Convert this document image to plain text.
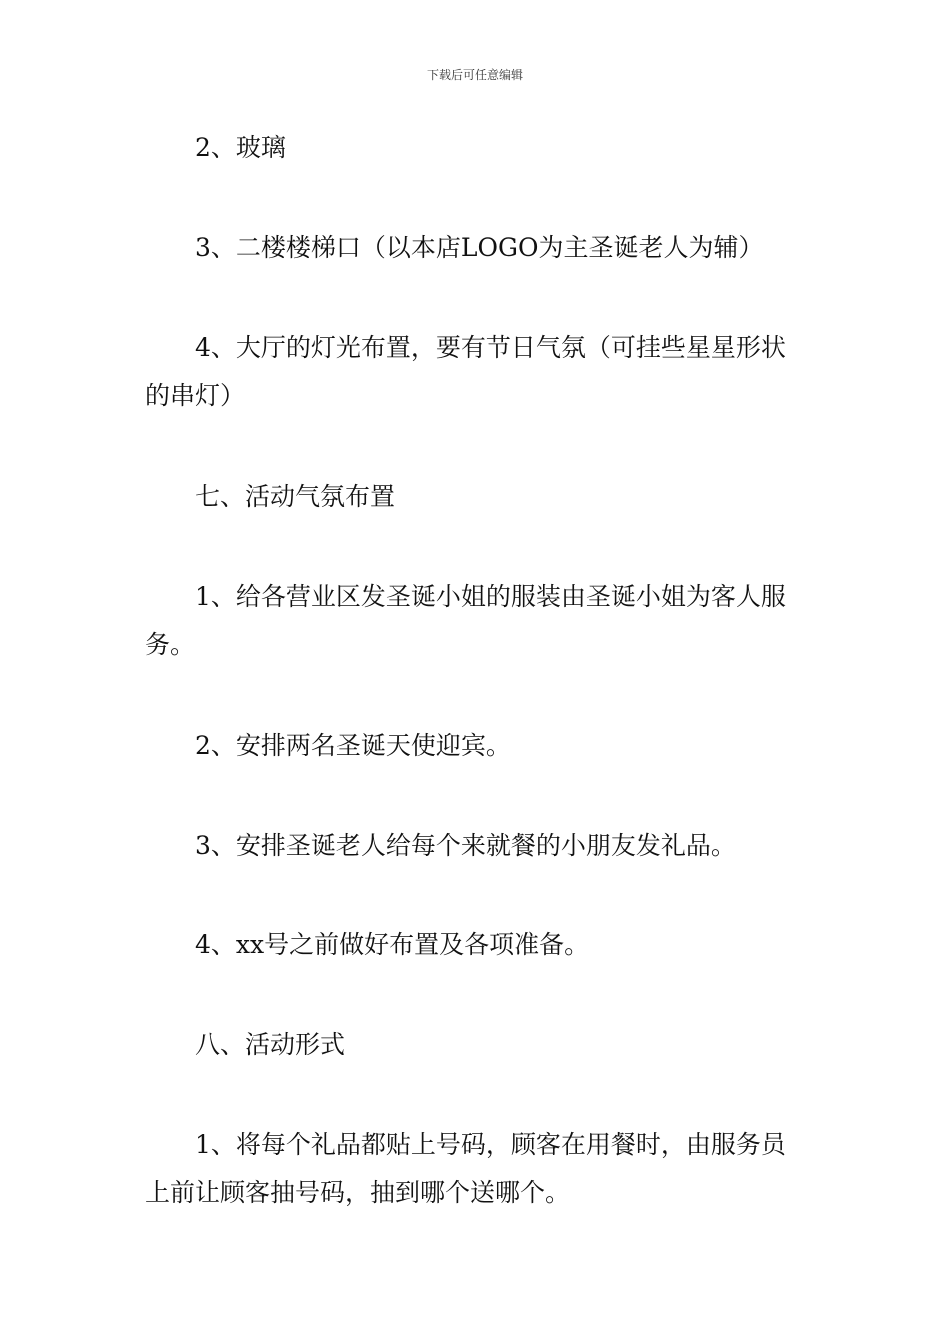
下载后可任意编辑

2、玻璃

3、二楼楼梯口（以本店LOGO为主圣诞老人为辅）

4、大厅的灯光布置，要有节日气氛（可挂些星星形状的串灯）

七、活动气氛布置

1、给各营业区发圣诞小姐的服装由圣诞小姐为客人服务。

2、安排两名圣诞天使迎宾。

3、安排圣诞老人给每个来就餐的小朋友发礼品。

4、xx号之前做好布置及各项准备。

八、活动形式

1、将每个礼品都贴上号码，顾客在用餐时，由服务员上前让顾客抽号码，抽到哪个送哪个。
